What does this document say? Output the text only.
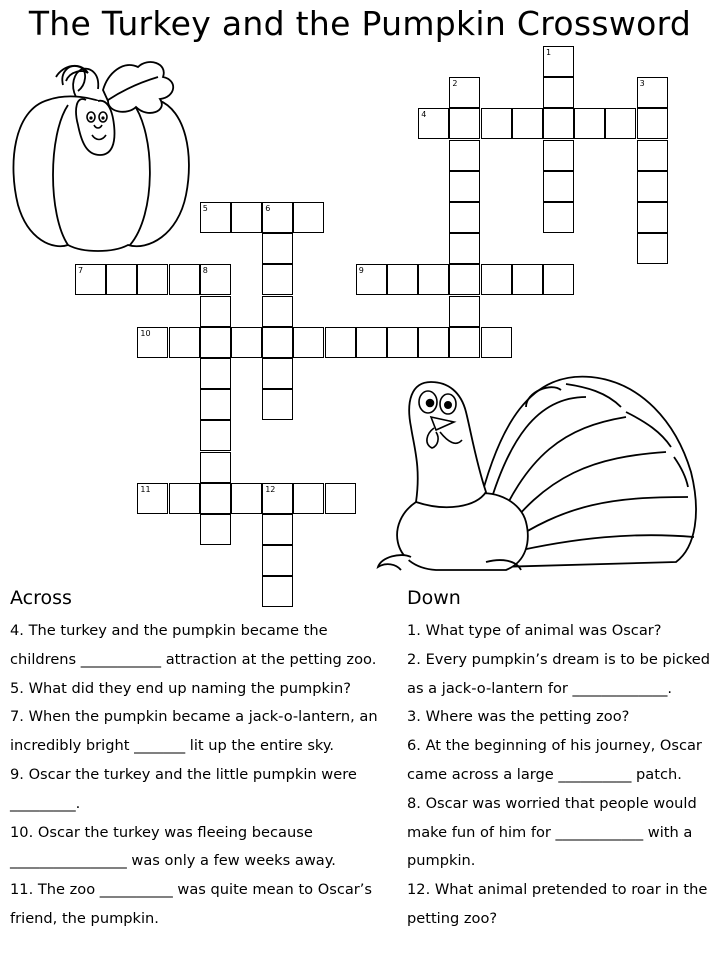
The Turkey and the Pumpkin Crossword
1
2	3
4
5	6
7	8	9
10
11	12
Across	Down

4. The turkey and the pumpkin became the childrens ___________ attraction at the petting zoo.

5. What did they end up naming the pumpkin?

7. When the pumpkin became a jack-o-lantern, an incredibly bright _______ lit up the entire sky.

9. Oscar the turkey and the little pumpkin were _________.

10. Oscar the turkey was fleeing because ________________ was only a few weeks away.

11. The zoo __________ was quite mean to Oscar’s friend, the pumpkin.

1. What type of animal was Oscar?

2. Every pumpkin’s dream is to be picked as a jack-o-lantern for _____________.

3. Where was the petting zoo?

6. At the beginning of his journey, Oscar came across a large __________ patch.

8. Oscar was worried that people would make fun of him for ____________ with a pumpkin.

12. What animal pretended to roar in the petting zoo?
